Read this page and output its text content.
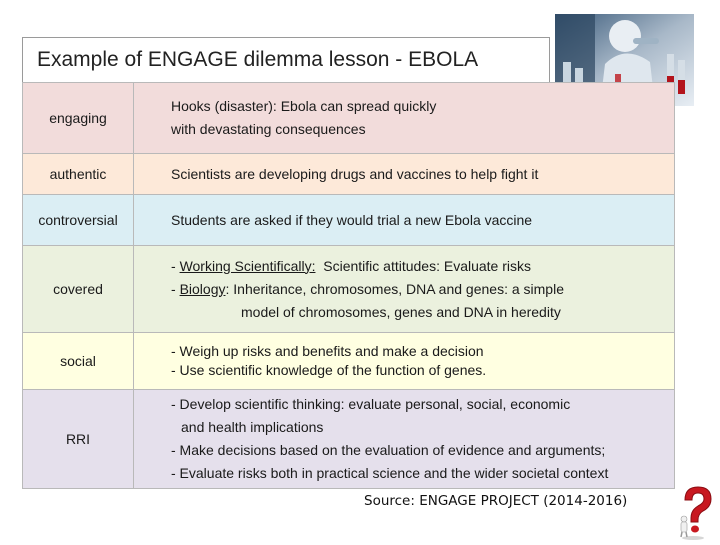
Example of ENGAGE dilemma lesson - EBOLA
engaging	Hooks (disaster): Ebola can spread quickly
with devastating consequences

authentic	Scientists are developing drugs and vaccines to help fight it

controversial	Students are asked if they would trial a new Ebola vaccine

covered	- Working Scientifically:  Scientific attitudes: Evaluate risks
- Biology: Inheritance, chromosomes, DNA and genes: a simple
model of chromosomes, genes and DNA in heredity

social	- Weigh up risks and benefits and make a decision
- Use scientific knowledge of the function of genes.

RRI	- Develop scientific thinking: evaluate personal, social, economic
and health implications
- Make decisions based on the evaluation of evidence and arguments;
- Evaluate risks both in practical science and the wider societal context
Source: ENGAGE PROJECT (2014-2016)
